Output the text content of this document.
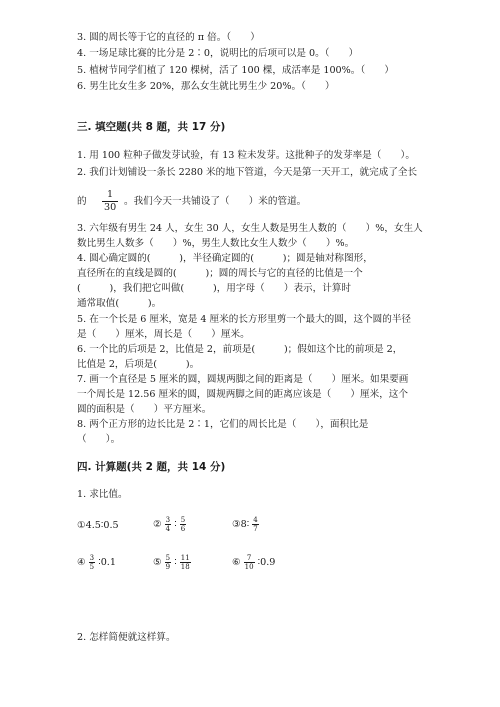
3. 圆的周长等于它的直径的 π 倍。（　　）
4. 一场足球比赛的比分是 2∶0，说明比的后项可以是 0。（　　）
5. 植树节同学们植了 120 棵树，活了 100 棵，成活率是 100%。（　　）
6. 男生比女生多 20%，那么女生就比男生少 20%。（　　）
三. 填空题(共 8 题，共 17 分)
1. 用 100 粒种子做发芽试验，有 13 粒未发芽。这批种子的发芽率是（　　）。
2. 我们计划铺设一条长 2280 米的地下管道，今天是第一天开工，就完成了全长
的 $\frac{1}{30}$ 。我们今天一共铺设了（　　）米的管道。
3. 六年级有男生 24 人，女生 30 人，女生人数是男生人数的（　　）%，女生人
数比男生人数多（　　）%，男生人数比女生人数少（　　）%。
4. 圆心确定圆的(　　　)，半径确定圆的(　　　)；圆是轴对称图形，
直径所在的直线是圆的(　　　)；圆的周长与它的直径的比值是一个
(　　　)，我们把它叫做(　　　)，用字母（　　）表示，计算时
通常取值(　　　)。
5. 在一个长是 6 厘米，宽是 4 厘米的长方形里剪一个最大的圆，这个圆的半径
是（　　）厘米，周长是（　　）厘米。
6. 一个比的后项是 2，比值是 2，前项是(　　　)；假如这个比的前项是 2，
比值是 2，后项是(　　　)。
7. 画一个直径是 5 厘米的圆，圆规两脚之间的距离是（　　）厘米。如果要画
一个周长是 12.56 厘米的圆，圆规两脚之间的距离应该是（　　）厘米，这个
圆的面积是（　　）平方厘米。
8. 两个正方形的边长比是 2∶1，它们的周长比是（　　），面积比是
（　　）。
四. 计算题(共 2 题，共 14 分)
1. 求比值。
①4.5∶0.5	② $\frac{3}{4}$ ∶ $\frac{5}{6}$	③8∶ $\frac{4}{7}$
④ $\frac{3}{5}$ ∶0.1	⑤ $\frac{5}{9}$ ∶ $\frac{11}{18}$	⑥ $\frac{7}{10}$ ∶0.9
2. 怎样简便就这样算。
